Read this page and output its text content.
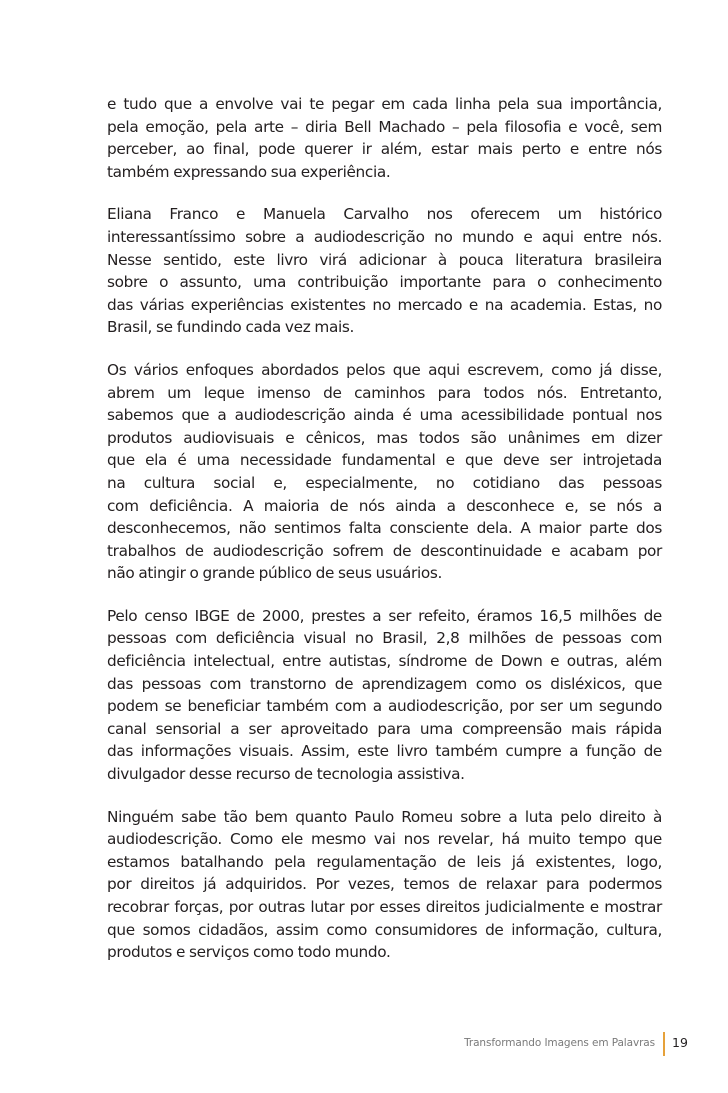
e tudo que a envolve vai te pegar em cada linha pela sua importância,
pela emoção, pela arte – diria Bell Machado – pela filosofia e você, sem
perceber, ao final, pode querer ir além, estar mais perto e entre nós
também expressando sua experiência.
Eliana Franco e Manuela Carvalho nos oferecem um histórico
interessantíssimo sobre a audiodescrição no mundo e aqui entre nós.
Nesse sentido, este livro virá adicionar à pouca literatura brasileira
sobre o assunto, uma contribuição importante para o conhecimento
das várias experiências existentes no mercado e na academia. Estas, no
Brasil, se fundindo cada vez mais.
Os vários enfoques abordados pelos que aqui escrevem, como já disse,
abrem um leque imenso de caminhos para todos nós. Entretanto,
sabemos que a audiodescrição ainda é uma acessibilidade pontual nos
produtos audiovisuais e cênicos, mas todos são unânimes em dizer
que ela é uma necessidade fundamental e que deve ser introjetada
na cultura social e, especialmente, no cotidiano das pessoas
com deficiência. A maioria de nós ainda a desconhece e, se nós a
desconhecemos, não sentimos falta consciente dela. A maior parte dos
trabalhos de audiodescrição sofrem de descontinuidade e acabam por
não atingir o grande público de seus usuários.
Pelo censo IBGE de 2000, prestes a ser refeito, éramos 16,5 milhões de
pessoas com deficiência visual no Brasil, 2,8 milhões de pessoas com
deficiência intelectual, entre autistas, síndrome de Down e outras, além
das pessoas com transtorno de aprendizagem como os disléxicos, que
podem se beneficiar também com a audiodescrição, por ser um segundo
canal sensorial a ser aproveitado para uma compreensão mais rápida
das informações visuais. Assim, este livro também cumpre a função de
divulgador desse recurso de tecnologia assistiva.
Ninguém sabe tão bem quanto Paulo Romeu sobre a luta pelo direito à
audiodescrição. Como ele mesmo vai nos revelar, há muito tempo que
estamos batalhando pela regulamentação de leis já existentes, logo,
por direitos já adquiridos. Por vezes, temos de relaxar para podermos
recobrar forças, por outras lutar por esses direitos judicialmente e mostrar
que somos cidadãos, assim como consumidores de informação, cultura,
produtos e serviços como todo mundo.
Transformando Imagens em Palavras 19
